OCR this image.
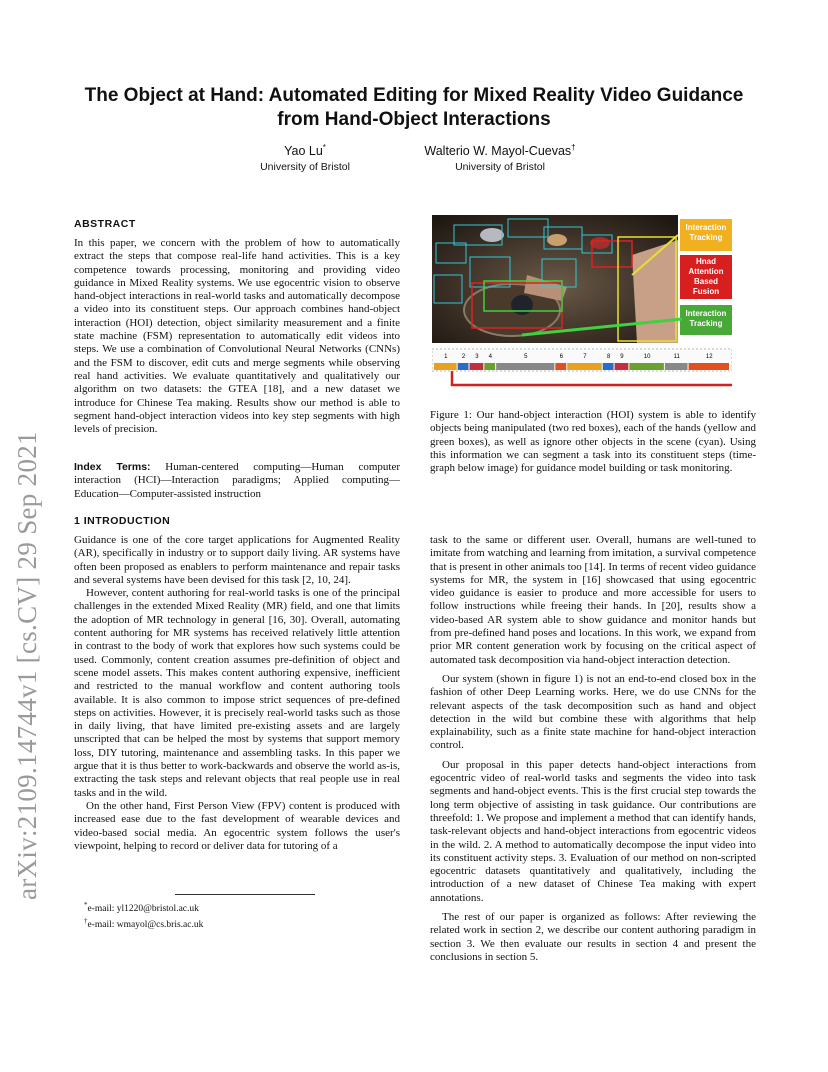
arXiv:2109.14744v1 [cs.CV] 29 Sep 2021
The Object at Hand: Automated Editing for Mixed Reality Video Guidance
from Hand-Object Interactions
Yao Lu*
University of Bristol
Walterio W. Mayol-Cuevas†
University of Bristol
ABSTRACT
In this paper, we concern with the problem of how to automatically extract the steps that compose real-life hand activities. This is a key competence towards processing, monitoring and providing video guidance in Mixed Reality systems. We use egocentric vision to observe hand-object interactions in real-world tasks and automatically decompose a video into its constituent steps. Our approach combines hand-object interaction (HOI) detection, object similarity measurement and a finite state machine (FSM) representation to automatically edit videos into steps. We use a combination of Convolutional Neural Networks (CNNs) and the FSM to discover, edit cuts and merge segments while observing real hand activities. We evaluate quantitatively and qualitatively our algorithm on two datasets: the GTEA [18], and a new dataset we introduce for Chinese Tea making. Results show our method is able to segment hand-object interaction videos into key step segments with high levels of precision.
Index Terms: Human-centered computing—Human computer interaction (HCI)—Interaction paradigms; Applied computing—Education—Computer-assisted instruction
1 INTRODUCTION

Guidance is one of the core target applications for Augmented Reality (AR), specifically in industry or to support daily living. AR systems have often been proposed as enablers to perform maintenance and repair tasks and several systems have been devised for this task [2, 10, 24].

However, content authoring for real-world tasks is one of the principal challenges in the extended Mixed Reality (MR) field, and one that limits the adoption of MR technology in general [16, 30]. Overall, automating content authoring for MR systems has received relatively little attention in contrast to the body of work that explores how such systems could be used. Commonly, content creation assumes pre-definition of object and scene model assets. This makes content authoring expensive, inefficient and restricted to the manual workflow and content authoring tools available. It is also common to impose strict sequences of pre-defined steps on activities. However, it is precisely real-world tasks such as those in daily living, that have limited pre-existing assets and are largely unscripted that can be helped the most by systems that support memory loss, DIY tutoring, maintenance and assembling tasks. In this paper we argue that it is thus better to work-backwards and observe the world as-is, extracting the task steps and relevant objects that real people use in real tasks and in the wild.

On the other hand, First Person View (FPV) content is produced with increased ease due to the fast development of wearable devices and video-based social media. An egocentric system follows the user's viewpoint, helping to record or deliver data for tutoring of a

*e-mail: yl1220@bristol.ac.uk
†e-mail: wmayol@cs.bris.ac.uk
1 2 3 4	5	6	7	8 9	10	11	12
Interaction Tracking
Hnad Attention Based Fusion
Interaction Tracking
Figure 1: Our hand-object interaction (HOI) system is able to identify objects being manipulated (two red boxes), each of the hands (yellow and green boxes), as well as ignore other objects in the scene (cyan). Using this information we can segment a task into its constituent steps (time-graph below image) for guidance model building or task monitoring.

task to the same or different user. Overall, humans are well-tuned to imitate from watching and learning from imitation, a survival competence that is present in other animals too [14]. In terms of recent video guidance systems for MR, the system in [16] showcased that using egocentric video guidance is easier to produce and more accessible for users to follow instructions while freeing their hands. In [20], results show a video-based AR system able to show guidance and monitor hands but from pre-defined hand poses and locations. In this work, we expand from prior MR content generation work by focusing on the critical aspect of automated task decomposition via hand-object interaction detection.

Our system (shown in figure 1) is not an end-to-end closed box in the fashion of other Deep Learning works. Here, we do use CNNs for the relevant aspects of the task decomposition such as hand and object detection in the wild but combine these with algorithms that help explainability, such as a finite state machine for hand-object interaction control.

Our proposal in this paper detects hand-object interactions from egocentric video of real-world tasks and segments the video into task segments and hand-object events. This is the first crucial step towards the long term objective of assisting in task guidance. Our contributions are threefold: 1. We propose and implement a method that can identify hands, task-relevant objects and hand-object interactions from egocentric videos in the wild. 2. A method to automatically decompose the input video into its constituent activity steps. 3. Evaluation of our method on non-scripted egocentric datasets quantitatively and qualitatively, including the introduction of a new dataset of Chinese Tea making with expert annotations.

The rest of our paper is organized as follows: After reviewing the related work in section 2, we describe our content authoring paradigm in section 3. We then evaluate our results in section 4 and present the conclusions in section 5.
